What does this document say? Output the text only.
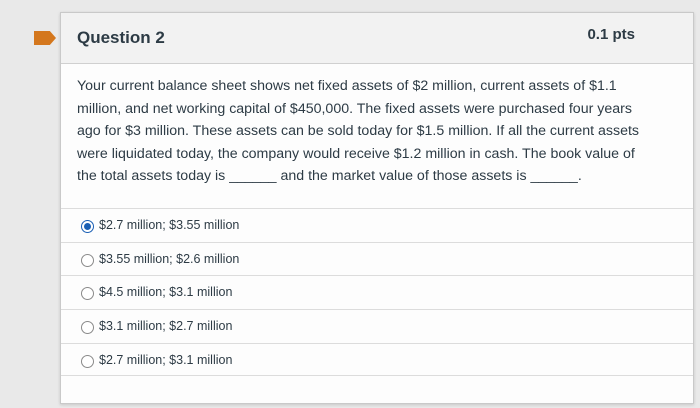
Question 2	0.1 pts
Your current balance sheet shows net fixed assets of $2 million, current assets of $1.1 million, and net working capital of $450,000. The fixed assets were purchased four years ago for $3 million. These assets can be sold today for $1.5 million. If all the current assets were liquidated today, the company would receive $1.2 million in cash. The book value of the total assets today is ______ and the market value of those assets is ______.
$2.7 million; $3.55 million
$3.55 million; $2.6 million
$4.5 million; $3.1 million
$3.1 million; $2.7 million
$2.7 million; $3.1 million
